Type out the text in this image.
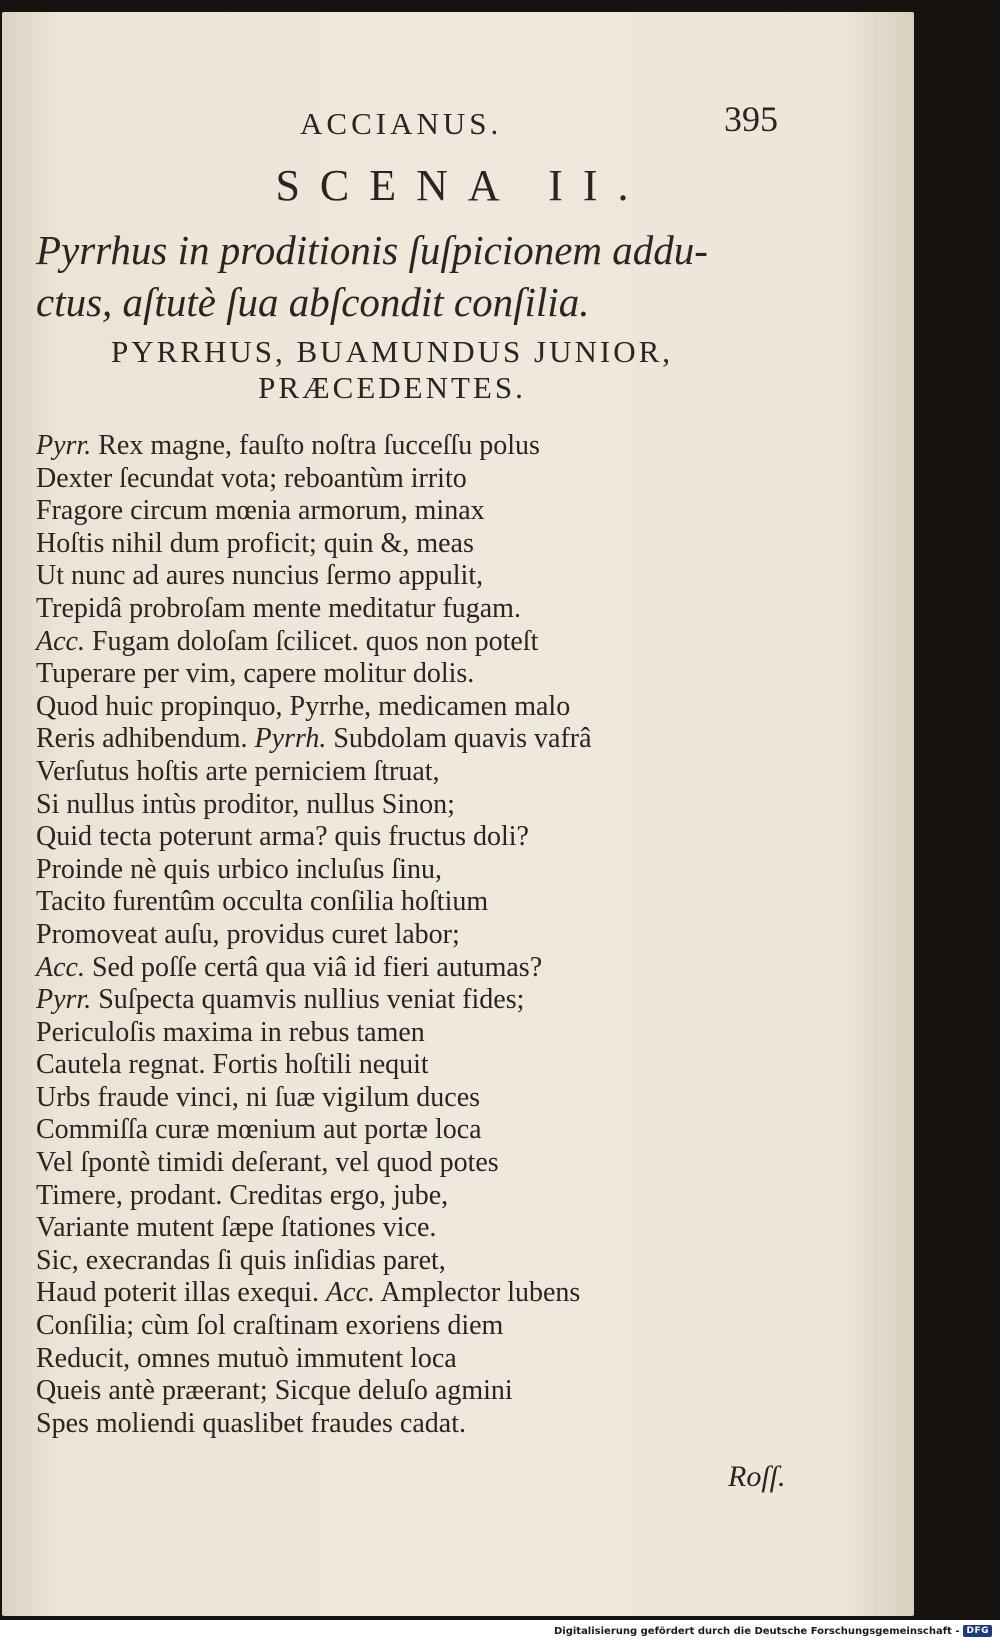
ACCIANUS.	395
SCENA II.
Pyrrhus in proditionis ſuſpicionem addu-
ctus, aſtutè ſua abſcondit conſilia.
PYRRHUS, BUAMUNDUS JUNIOR,
PRÆCEDENTES.
Pyrr. Rex magne, fauſto noſtra ſucceſſu polus
Dexter ſecundat vota; reboantùm irrito
Fragore circum mœnia armorum, minax
Hoſtis nihil dum proficit; quin &, meas
Ut nunc ad aures nuncius ſermo appulit,
Trepidâ probroſam mente meditatur fugam.
Acc. Fugam doloſam ſcilicet. quos non poteſt
Tuperare per vim, capere molitur dolis.
Quod huic propinquo, Pyrrhe, medicamen malo
Reris adhibendum. Pyrrh. Subdolam quavis vafrâ
Verſutus hoſtis arte perniciem ſtruat,
Si nullus intùs proditor, nullus Sinon;
Quid tecta poterunt arma? quis fructus doli?
Proinde nè quis urbico incluſus ſinu,
Tacito furentûm occulta conſilia hoſtium
Promoveat auſu, providus curet labor;
Acc. Sed poſſe certâ qua viâ id fieri autumas?
Pyrr. Suſpecta quamvis nullius veniat fides;
Periculoſis maxima in rebus tamen
Cautela regnat. Fortis hoſtili nequit
Urbs fraude vinci, ni ſuæ vigilum duces
Commiſſa curæ mœnium aut portæ loca
Vel ſpontè timidi deſerant, vel quod potes
Timere, prodant. Creditas ergo, jube,
Variante mutent ſæpe ſtationes vice.
Sic, execrandas ſi quis inſidias paret,
Haud poterit illas exequi. Acc. Amplector lubens
Conſilia; cùm ſol craſtinam exoriens diem
Reducit, omnes mutuò immutent loca
Queis antè præerant; Sicque deluſo agmini
Spes moliendi quaslibet fraudes cadat.
Roſſ.
Digitalisierung gefördert durch die Deutsche Forschungsgemeinschaft - DFG
